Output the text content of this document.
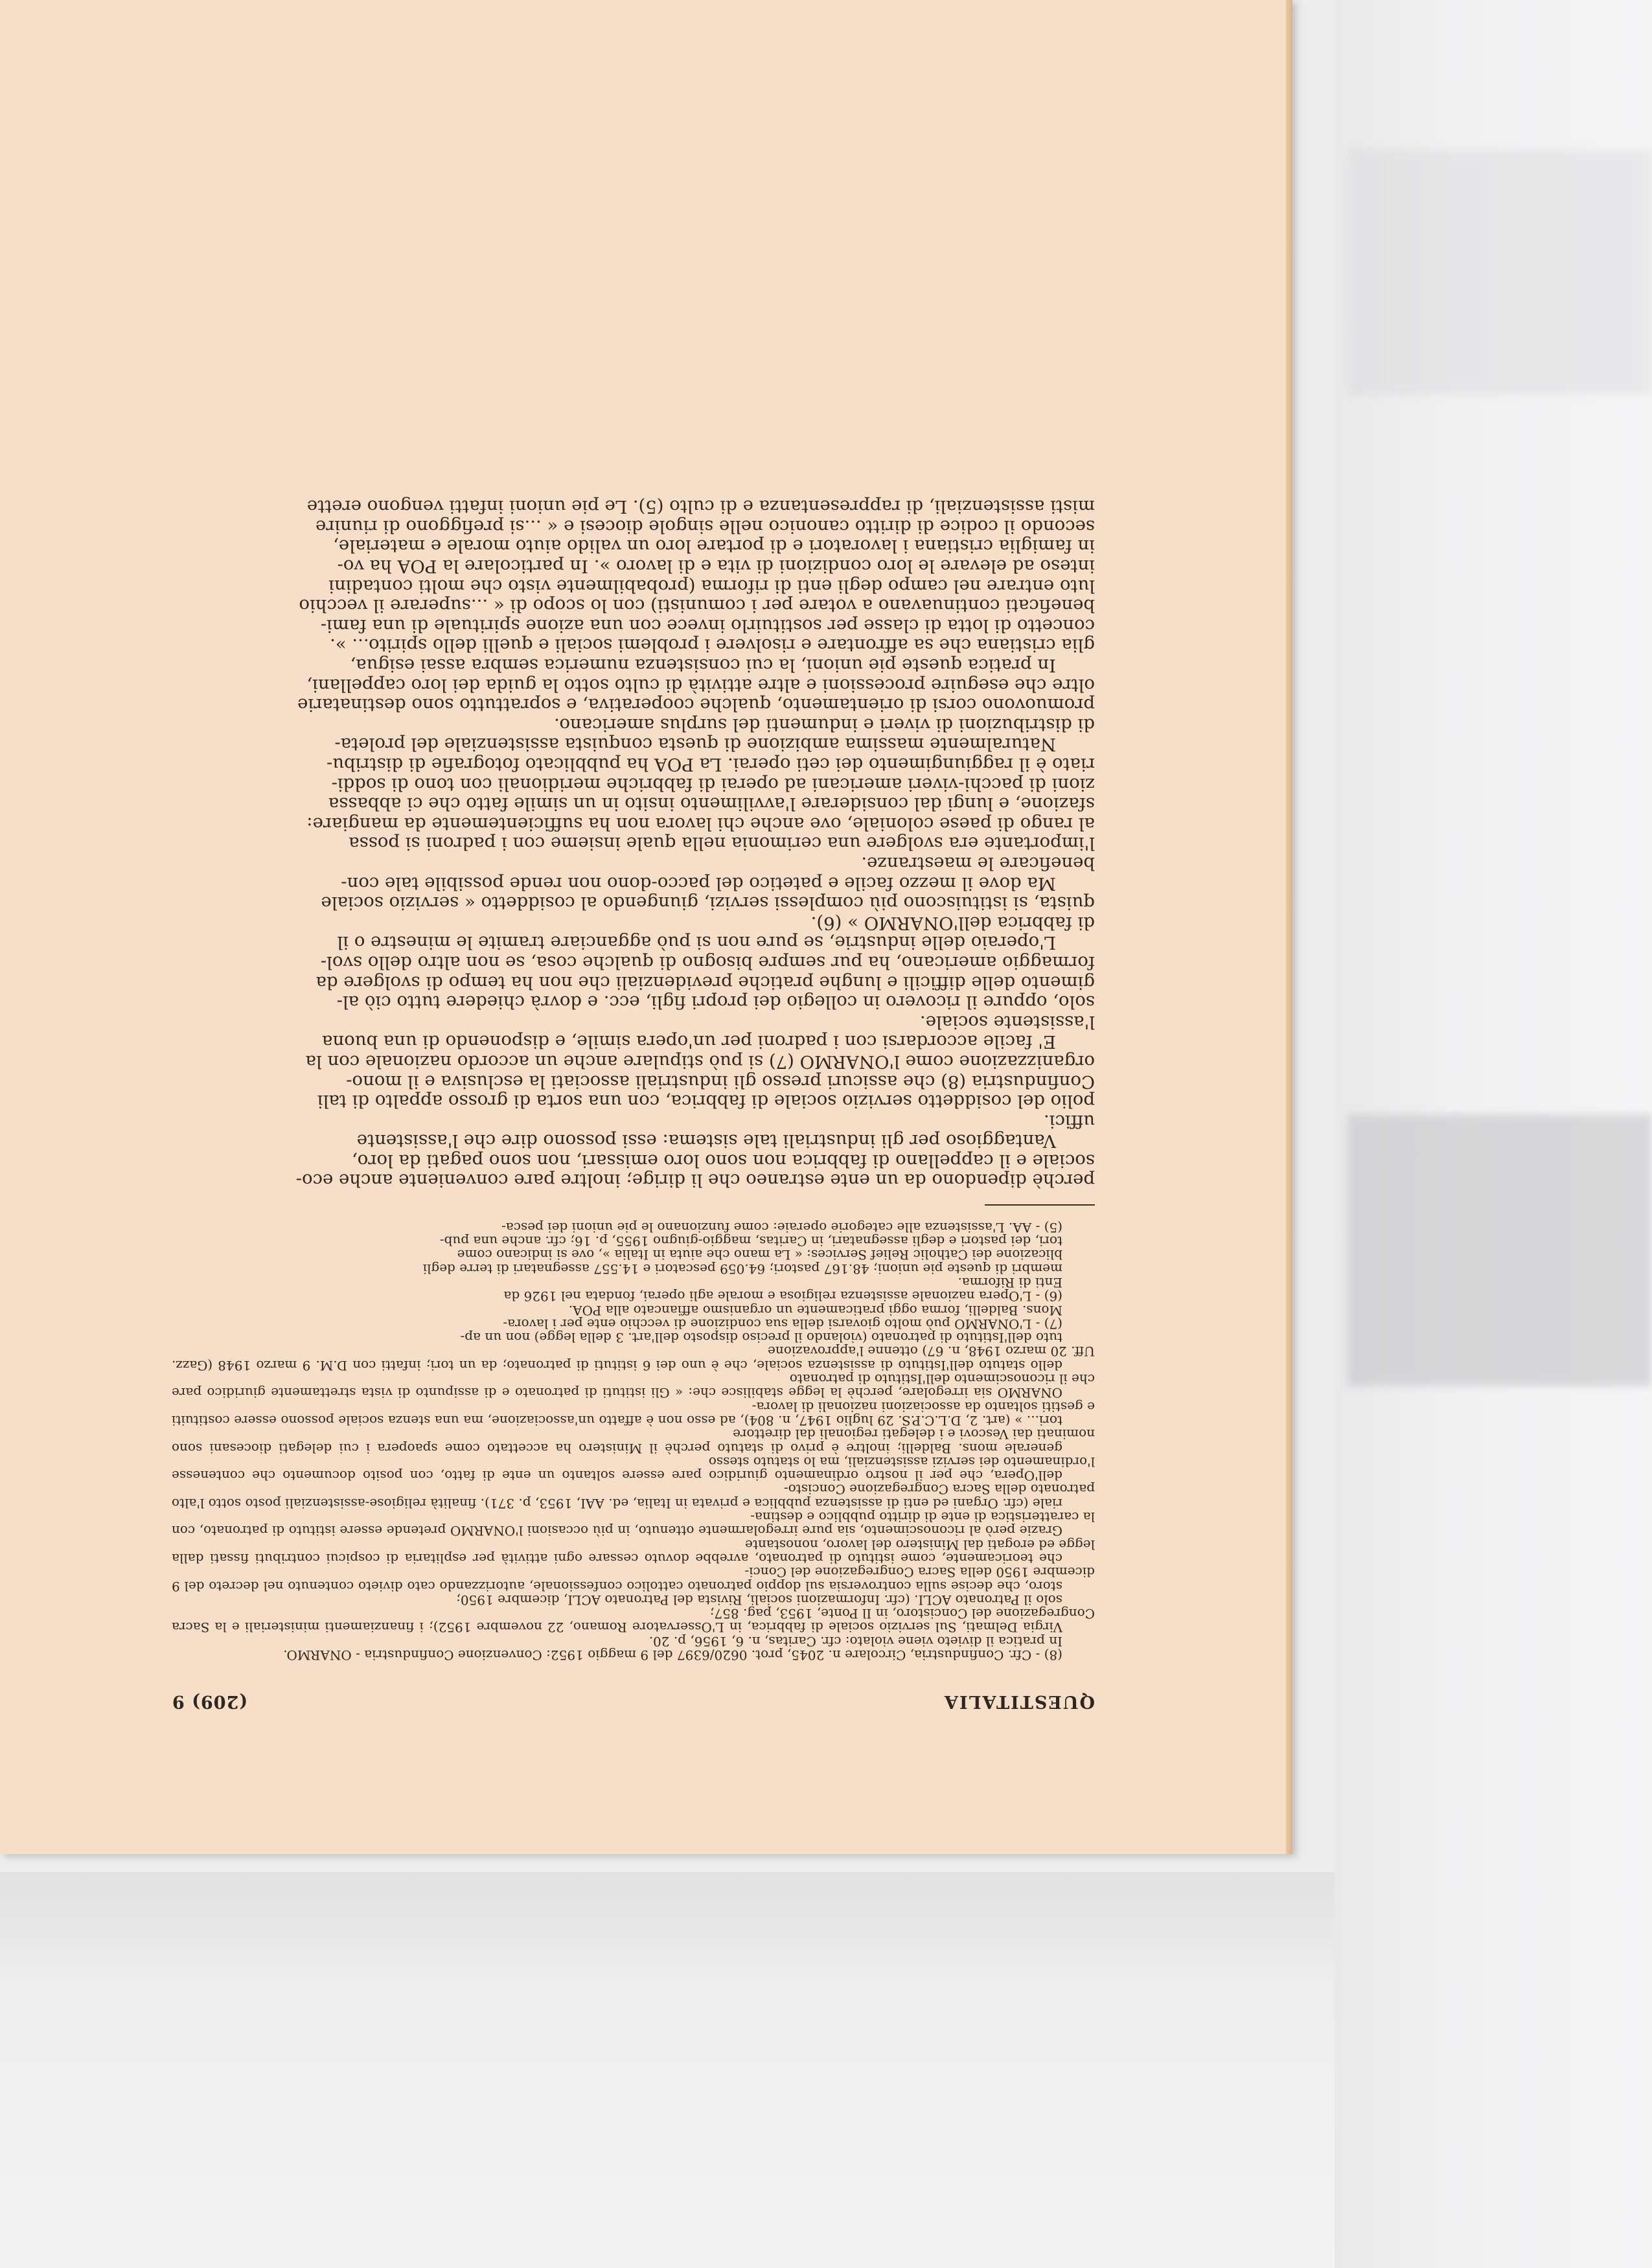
QUESTITALIA
(209) 9

(8) - Cfr. Confindustria, Circolare n. 2045, prot. 0620/6397 del 9 maggio 1952: Convenzione Confindustria - ONARMO.

In pratica il divieto viene violato: cfr. Caritas, n. 6, 1956, p. 20.

Virgia Delmati, Sul servizio sociale di fabbrica, in L'Osservatore Romano, 22 novembre 1952); i finanziamenti ministeriali e la Sacra Congregazione del Concistoro, in Il Ponte, 1953, pag. 857;

solo il Patronato ACLI. (cfr. Informazioni sociali, Rivista del Patronato ACLI, dicembre 1950;

storo, che decise sulla controversia sul doppio patronato cattolico confessionale, autorizzando cato divieto contenuto nel decreto del 9 dicembre 1950 della Sacra Congregazione del Conci-

che teoricamente, come istituto di patronato, avrebbe dovuto cessare ogni attività per esplitaria di cospicui contributi fissati dalla legge ed erogati dal Ministero del lavoro, nonostante

Grazie però al riconoscimento, sia pure irregolarmente ottenuto, in più occasioni l'ONARMO pretende essere istituto di patronato, con la caratteristica di ente di diritto pubblico e destina-

riale (cfr. Organi ed enti di assistenza pubblica e privata in Italia, ed. AAI, 1953, p. 371). finalità religiose-assistenziali posto sotto l'alto patronato della Sacra Congregazione Concisto-

dell'Opera, che per il nostro ordinamento giuridico pare essere soltanto un ente di fatto, con posito documento che contenesse l'ordinamento dei servizi assistenziali, ma lo statuto stesso

generale mons. Baldelli; inoltre è privo di statuto perchè il Ministero ha accettato come spaopera i cui delegati diocesani sono nominati dai Vescovi e i delegati regionali dal direttore

tori... » (art. 2, D.L.C.P.S. 29 luglio 1947, n. 804), ad esso non è affatto un'associazione, ma una stenza sociale possono essere costituiti e gestiti soltanto da associazioni nazionali di lavora-

ONARMO sia irregolare, perchè la legge stabilisce che: « Gli istituti di patronato e di assipunto di vista strettamente giuridico pare che il riconoscimento dell'Istituto di patronato

dello statuto dell'Istituto di assistenza sociale, che è uno dei 6 istituti di patronato; da un tori; infatti con D.M. 9 marzo 1948 (Gazz. Uff. 20 marzo 1948, n. 67) ottenne l'approvazione

tuto dell'Istituto di patronato (violando il preciso disposto dell'art. 3 della legge) non un ap-

(7) - L'ONARMO può molto giovarsi della sua condizione di vecchio ente per i lavora-

Mons. Baldelli, forma oggi praticamente un organismo affiancato alla POA.

(6) - L'Opera nazionale assistenza religiosa e morale agli operai, fondata nel 1926 da

Enti di Riforma.

membri di queste pie unioni; 48.167 pastori; 64.059 pescatori e 14.557 assegnatari di terre degli

blicazione dei Catholic Relief Services: « La mano che aiuta in Italia », ove si indicano come

tori, dei pastori e degli assegnatari, in Caritas, maggio-giugno 1955, p. 16; cfr. anche una pub-

(5) - AA. L'assistenza alle categorie operaie: come funzionano le pie unioni dei pesca-

perchè dipendono da un ente estraneo che li dirige; inoltre pare conveniente anche eco-

sociale e il cappellano di fabbrica non sono loro emissari, non sono pagati da loro,

Vantaggioso per gli industriali tale sistema: essi possono dire che l'assistente

uffici.

polio del cosiddetto servizio sociale di fabbrica, con una sorta di grosso appalto di tali

Confindustria (8) che assicuri presso gli industriali associati la esclusiva e il mono-

organizzazione come l'ONARMO (7) si può stipulare anche un accordo nazionale con la

E' facile accordarsi con i padroni per un'opera simile, e disponendo di una buona

l'assistente sociale.

solo, oppure il ricovero in collegio dei propri figli, ecc. e dovrà chiedere tutto ciò al-

gimento delle difficili e lunghe pratiche previdenziali che non ha tempo di svolgere da

formaggio americano, ha pur sempre bisogno di qualche cosa, se non altro dello svol-

L'operaio delle industrie, se pure non si può agganciare tramite le minestre o il

di fabbrica dell'ONARMO » (6).

quista, si istituiscono più complessi servizi, giungendo al cosiddetto « servizio sociale

Ma dove il mezzo facile e patetico del pacco-dono non rende possibile tale con-

beneficare le maestranze.

l'importante era svolgere una cerimonia nella quale insieme con i padroni si possa

al rango di paese coloniale, ove anche chi lavora non ha sufficientemente da mangiare:

sfazione, e lungi dal considerare l'avvilimento insito in un simile fatto che ci abbassa

zioni di pacchi-viveri americani ad operai di fabbriche meridionali con tono di soddi-

riato è il raggiungimento dei ceti operai. La POA ha pubblicato fotografie di distribu-

Naturalmente massima ambizione di questa conquista assistenziale del proleta-

di distribuzioni di viveri e indumenti del surplus americano.

promuovono corsi di orientamento, qualche cooperativa, e soprattutto sono destinatarie

oltre che eseguire processioni e altre attività di culto sotto la guida dei loro cappellani,

In pratica queste pie unioni, la cui consistenza numerica sembra assai esigua,

glia cristiana che sa affrontare e risolvere i problemi sociali e quelli dello spirito... ».

concetto di lotta di classe per sostituirlo invece con una azione spirituale di una fami-

beneficati continuavano a votare per i comunisti) con lo scopo di « ...superare il vecchio

luto entrare nel campo degli enti di riforma (probabilmente visto che molti contadini

inteso ad elevare le loro condizioni di vita e di lavoro ». In particolare la POA ha vo-

in famiglia cristiana i lavoratori e di portare loro un valido aiuto morale e materiale,

secondo il codice di diritto canonico nelle singole diocesi e « ...si prefiggono di riunire

misti assistenziali, di rappresentanza e di culto (5). Le pie unioni infatti vengono erette
